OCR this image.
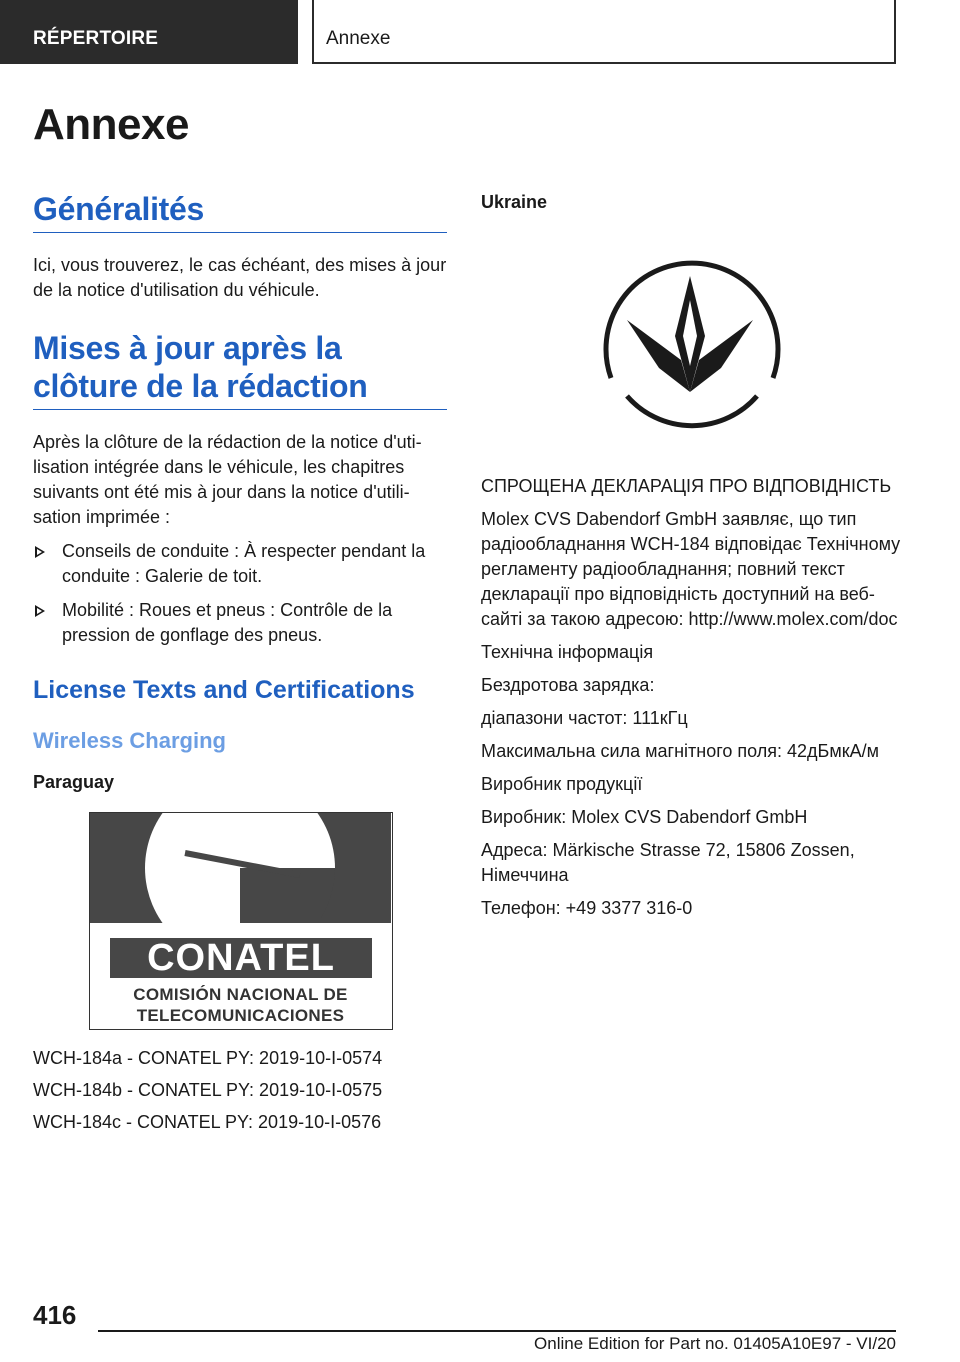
RÉPERTOIRE	Annexe
Annexe
Généralités

Ici, vous trouverez, le cas échéant, des mises à jour de la notice d'utilisation du véhicule.

Mises à jour après la
clôture de la rédaction

Après la clôture de la rédaction de la notice d'utilisation intégrée dans le véhicule, les chapitres suivants ont été mis à jour dans la notice d'utilisation imprimée :

Conseils de conduite : À respecter pendant la conduite : Galerie de toit.
Mobilité : Roues et pneus : Contrôle de la pression de gonflage des pneus.
License Texts and Certifications
Wireless Charging
Paraguay
CONATEL
COMISIÓN NACIONAL DE
TELECOMUNICACIONES

WCH-184a - CONATEL PY: 2019-10-I-0574

WCH-184b - CONATEL PY: 2019-10-I-0575

WCH-184c - CONATEL PY: 2019-10-I-0576

Ukraine

СПРОЩЕНА ДЕКЛАРАЦІЯ ПРО ВІДПОВІДНІСТЬ

Molex CVS Dabendorf GmbH заявляє, що тип радіообладнання WCH-184 відповідає Технічному регламенту радіообладнання; повний текст декларації про відповідність доступний на веб-сайті за такою адресою: http://www.molex.com/doc

Технічна інформація

Бездротова зарядка:

діапазони частот: 111кГц

Максимальна сила магнітного поля: 42дБмкА/м

Виробник продукції

Виробник: Molex CVS Dabendorf GmbH

Адреса: Märkische Strasse 72, 15806 Zossen, Німеччина

Телефон: +49 3377 316-0

416
Online Edition for Part no. 01405A10E97 - VI/20
